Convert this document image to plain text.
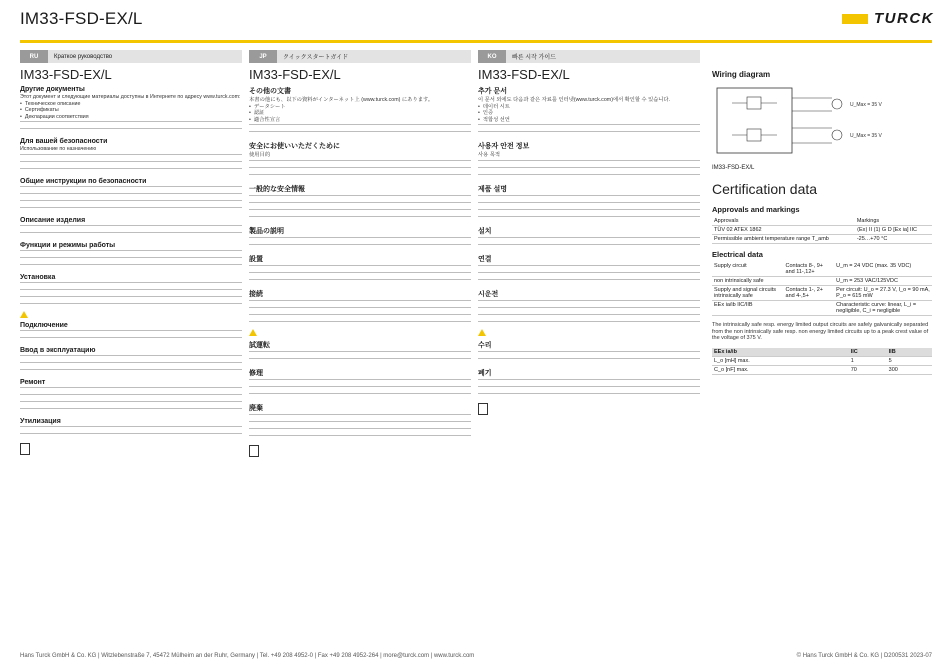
IM33-FSD-EX/L	TURCK
RU	Краткое руководство
IM33-FSD-EX/L
Другие документы

Этот документ и следующие материалы доступны в Интернете по адресу www.turck.com:

• Техническое описание
• Сертификаты
• Декларации соответствия
Для вашей безопасности

Использование по назначению

Общие инструкции по безопасности
Описание изделия
Функции и режимы работы
Установка
Подключение
Ввод в эксплуатацию
Ремонт
Утилизация
JP	クイックスタートガイド
IM33-FSD-EX/L
その他の文書

本書の他にも、以下の資料がインターネット上 (www.turck.com) にあります。

• データシート
• 認証
• 適合性宣言
安全にお使いいただくために

使用目的

一般的な安全情報
製品の説明
設置
接続
試運転
修理
廃棄
KO	빠른 시작 가이드
IM33-FSD-EX/L
추가 문서

이 문서 외에도 다음과 같은 자료를 인터넷(www.turck.com)에서 확인할 수 있습니다.

• 데이터 시트
• 인증
• 적합성 선언
사용자 안전 정보

사용 목적

제품 설명
설치
연결
시운전
수리
폐기
Wiring diagram
U_Max = 35 V
U_Max = 35 V
IM33-FSD-EX/L
Certification data
Approvals and markings
Approvals	Markings
TÜV 02 ATEX 1862	⟨Ex⟩ II (1) G D [Ex ia] IIC
Permissible ambient temperature range T_amb	-25…+70 °C
Electrical data
Supply circuit	Contacts 8-, 9+ and 11-,12+	U_m = 24 VDC (max. 35 VDC)
non intrinsically safe		U_m = 253 VAC/125VDC
Supply and signal circuits intrinsically safe	Contacts 1-, 2+ and 4-,5+	Per circuit: U_o = 27.3 V, I_o = 90 mA, P_o = 615 mW
EEx ia/ib IIC/IIB		Characteristic curve: linear, L_i = negligible, C_i = negligible

The intrinsically safe resp. energy limited output circuits are safely galvanically separated from the non intrinsically safe resp. non energy limited circuits up to a peak crest value of the voltage of 375 V.

EEx ia/ib	IIC	IIB
L_o [mH] max.	1	5
C_o [nF] max.	70	300
Hans Turck GmbH & Co. KG | Witzlebenstraße 7, 45472 Mülheim an der Ruhr, Germany | Tel. +49 208 4952-0 | Fax +49 208 4952-264 | more@turck.com | www.turck.com	© Hans Turck GmbH & Co. KG | D200531 2023-07
